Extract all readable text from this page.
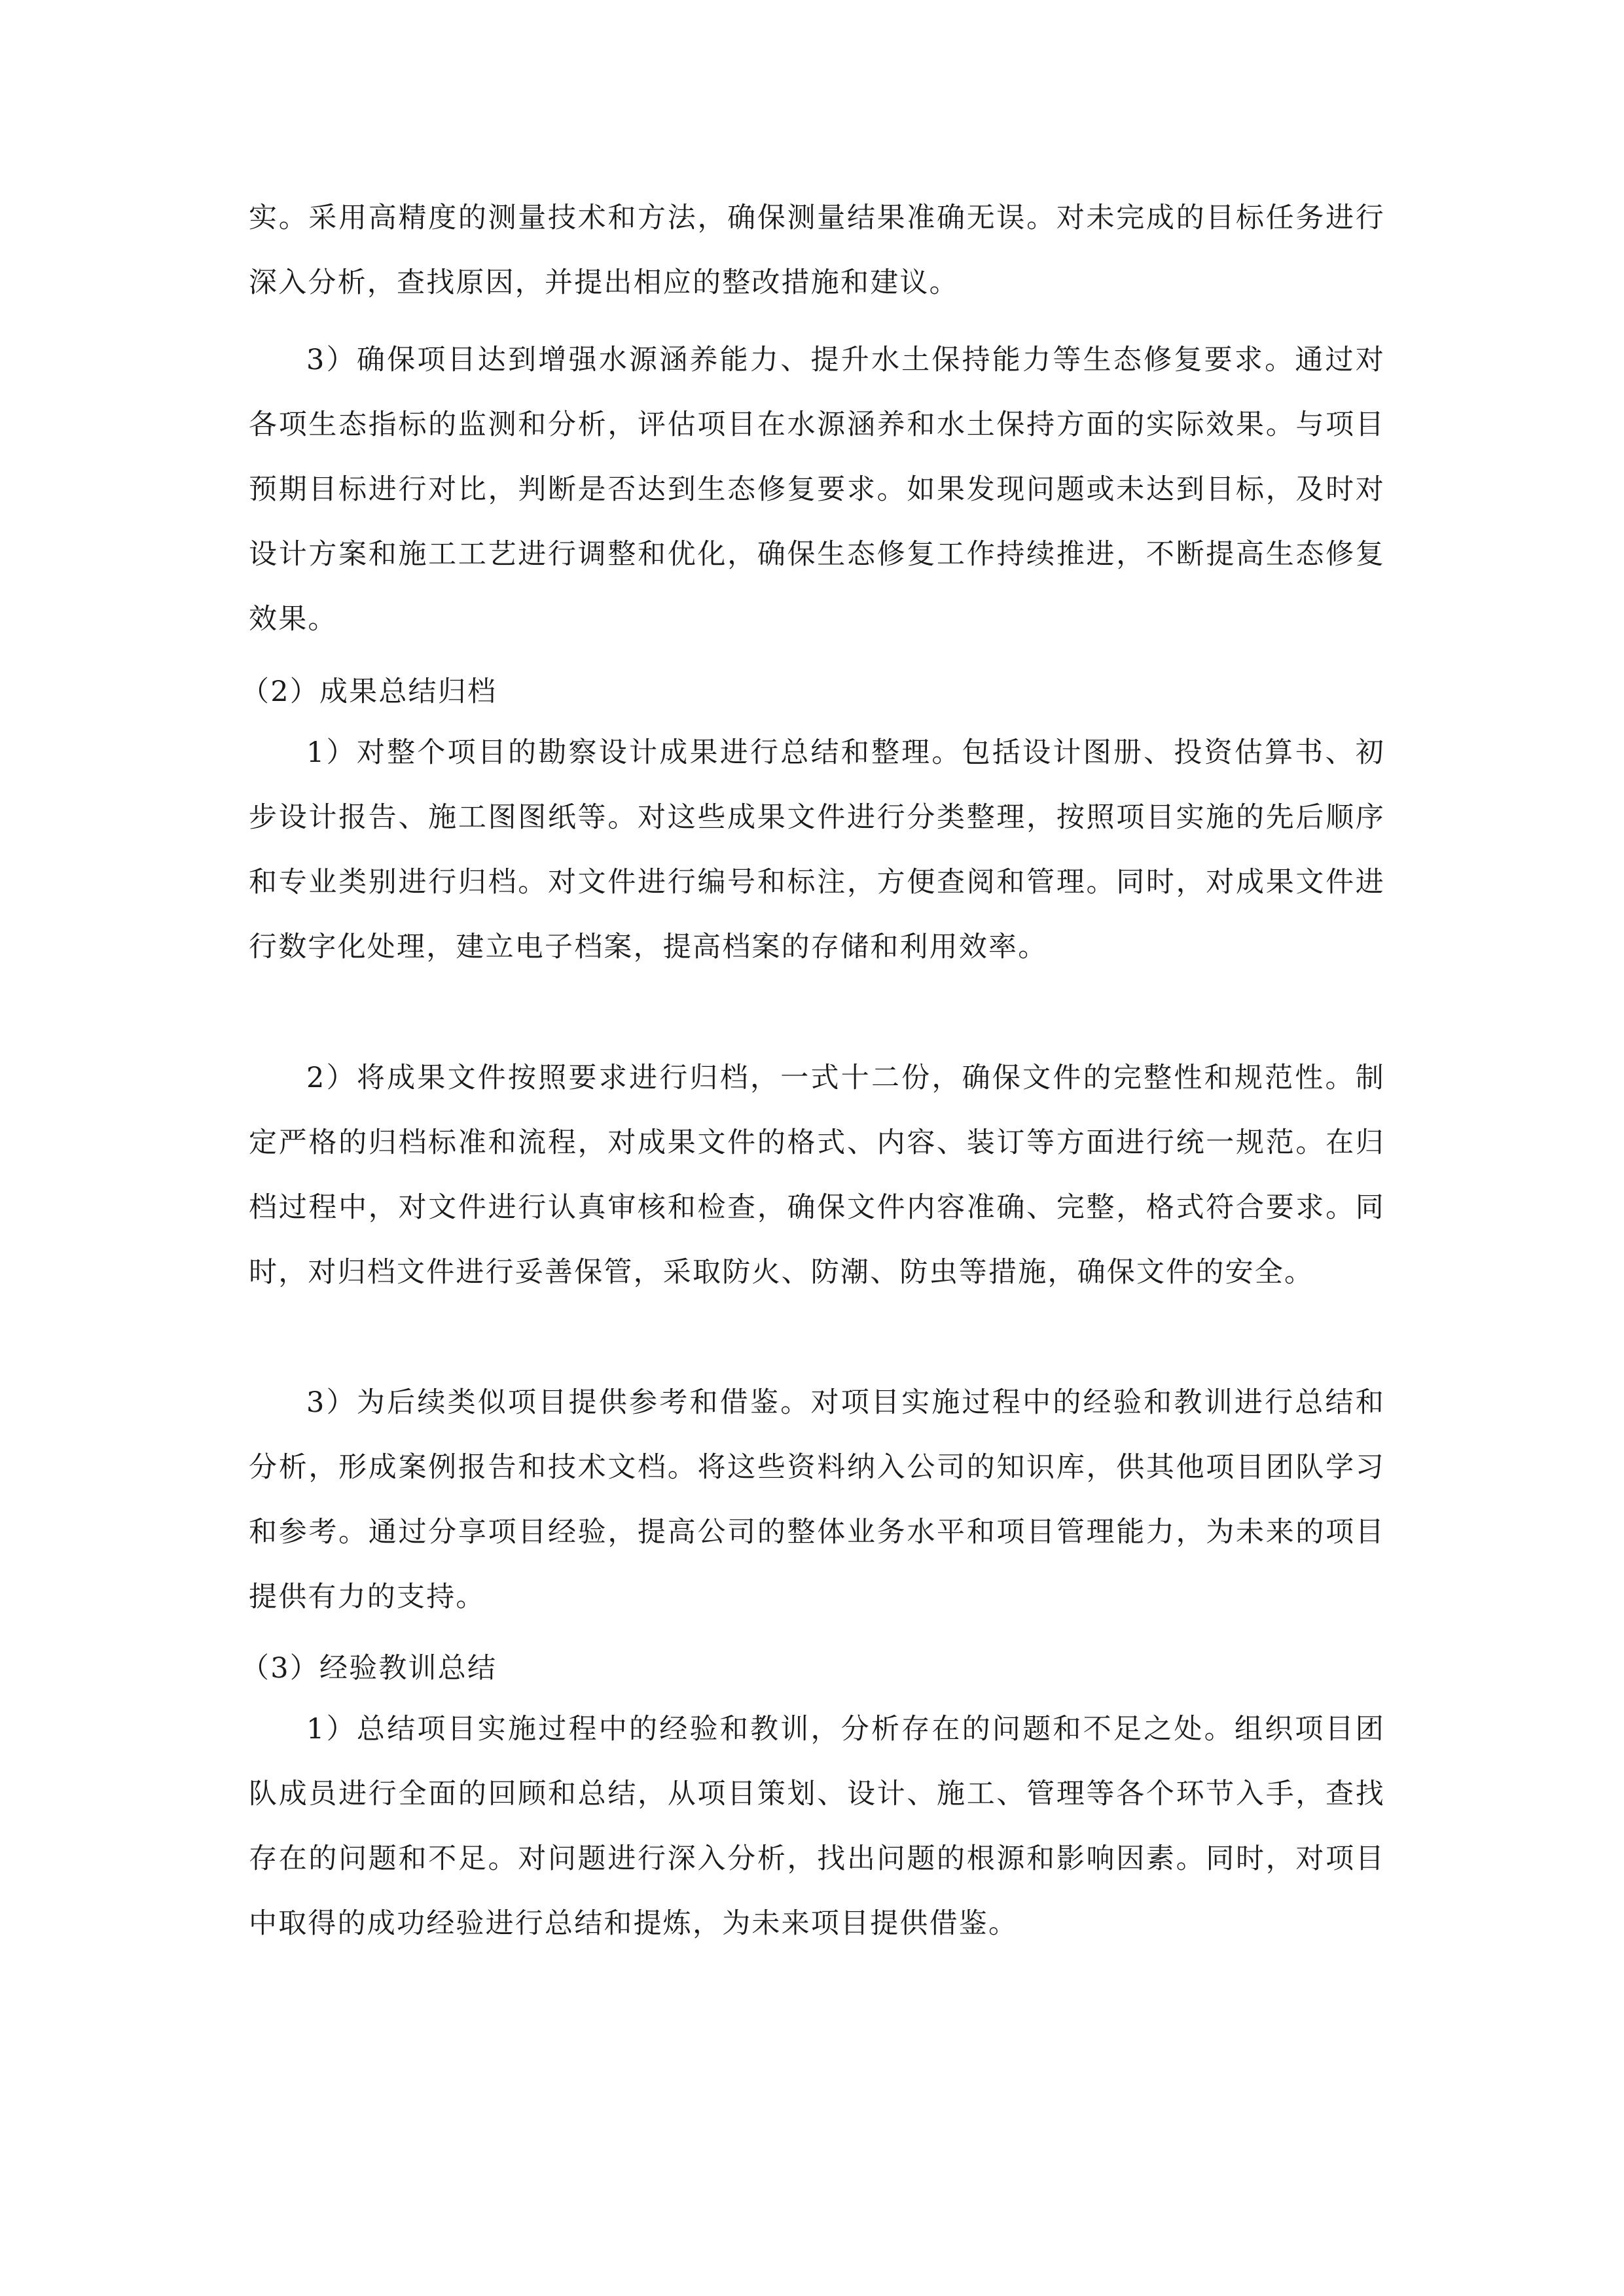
实。采用高精度的测量技术和方法，确保测量结果准确无误。对未完成的目标任务进行深入分析，查找原因，并提出相应的整改措施和建议。

3）确保项目达到增强水源涵养能力、提升水土保持能力等生态修复要求。通过对各项生态指标的监测和分析，评估项目在水源涵养和水土保持方面的实际效果。与项目预期目标进行对比，判断是否达到生态修复要求。如果发现问题或未达到目标，及时对设计方案和施工工艺进行调整和优化，确保生态修复工作持续推进，不断提高生态修复效果。

（2）成果总结归档

1）对整个项目的勘察设计成果进行总结和整理。包括设计图册、投资估算书、初步设计报告、施工图图纸等。对这些成果文件进行分类整理，按照项目实施的先后顺序和专业类别进行归档。对文件进行编号和标注，方便查阅和管理。同时，对成果文件进行数字化处理，建立电子档案，提高档案的存储和利用效率。

2）将成果文件按照要求进行归档，一式十二份，确保文件的完整性和规范性。制定严格的归档标准和流程，对成果文件的格式、内容、装订等方面进行统一规范。在归档过程中，对文件进行认真审核和检查，确保文件内容准确、完整，格式符合要求。同时，对归档文件进行妥善保管，采取防火、防潮、防虫等措施，确保文件的安全。

3）为后续类似项目提供参考和借鉴。对项目实施过程中的经验和教训进行总结和分析，形成案例报告和技术文档。将这些资料纳入公司的知识库，供其他项目团队学习和参考。通过分享项目经验，提高公司的整体业务水平和项目管理能力，为未来的项目提供有力的支持。

（3）经验教训总结

1）总结项目实施过程中的经验和教训，分析存在的问题和不足之处。组织项目团队成员进行全面的回顾和总结，从项目策划、设计、施工、管理等各个环节入手，查找存在的问题和不足。对问题进行深入分析，找出问题的根源和影响因素。同时，对项目中取得的成功经验进行总结和提炼，为未来项目提供借鉴。
